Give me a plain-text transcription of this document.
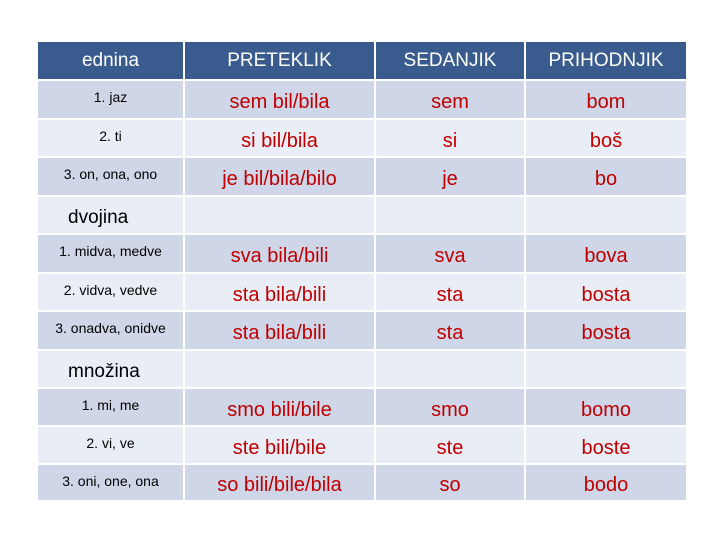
ednina	PRETEKLIK	SEDANJIK	PRIHODNJIK
1. jaz	sem bil/bila	sem	bom
2. ti	si bil/bila	si	boš
3. on, ona, ono	je bil/bila/bilo	je	bo
dvojina
1. midva, medve	sva bila/bili	sva	bova
2. vidva, vedve	sta bila/bili	sta	bosta
3. onadva, onidve	sta bila/bili	sta	bosta
množina
1. mi, me	smo bili/bile	smo	bomo
2. vi, ve	ste bili/bile	ste	boste
3. oni, one, ona	so bili/bile/bila	so	bodo
